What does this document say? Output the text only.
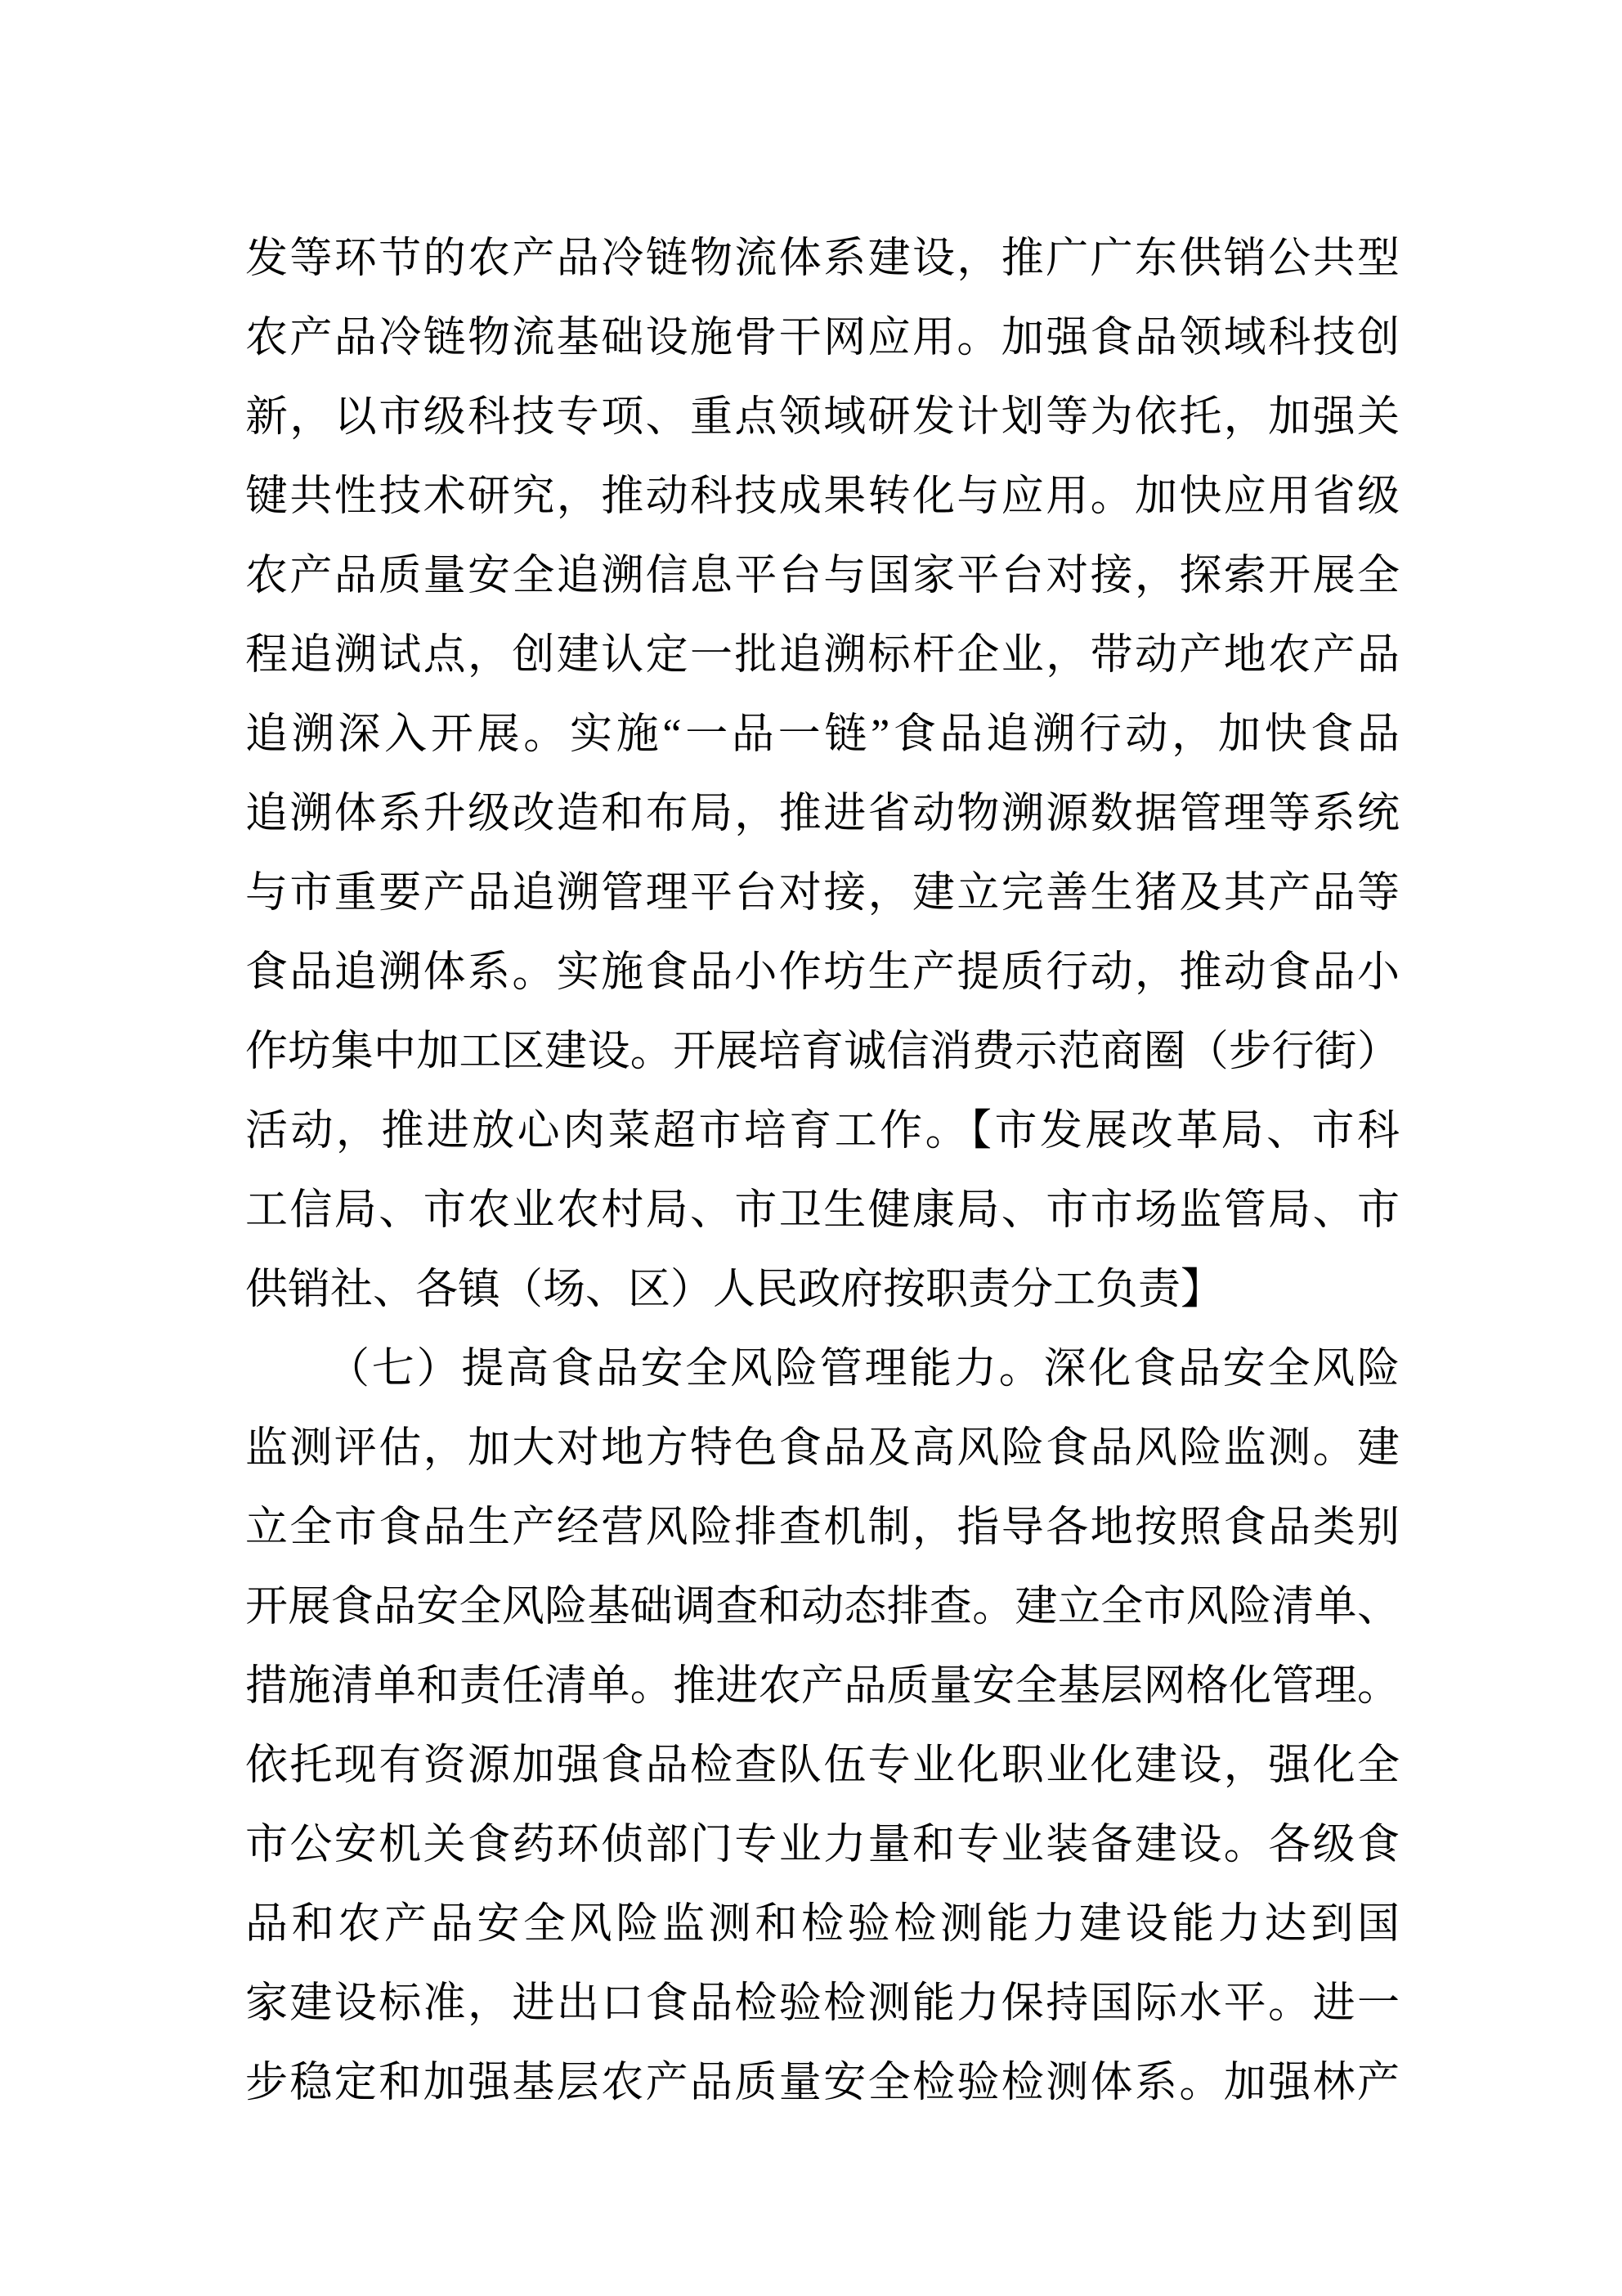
发等环节的农产品冷链物流体系建设，推广广东供销公共型
农产品冷链物流基础设施骨干网应用。加强食品领域科技创
新，以市级科技专项、重点领域研发计划等为依托，加强关
键共性技术研究，推动科技成果转化与应用。加快应用省级
农产品质量安全追溯信息平台与国家平台对接，探索开展全
程追溯试点，创建认定一批追溯标杆企业，带动产地农产品
追溯深入开展。实施“一品一链”食品追溯行动，加快食品
追溯体系升级改造和布局，推进省动物溯源数据管理等系统
与市重要产品追溯管理平台对接，建立完善生猪及其产品等
食品追溯体系。实施食品小作坊生产提质行动，推动食品小
作坊集中加工区建设。开展培育诚信消费示范商圈（步行街）
活动，推进放心肉菜超市培育工作。【市发展改革局、市科
工信局、市农业农村局、市卫生健康局、市市场监管局、市
供销社、各镇（场、区）人民政府按职责分工负责】
（七）提高食品安全风险管理能力。深化食品安全风险
监测评估，加大对地方特色食品及高风险食品风险监测。建
立全市食品生产经营风险排查机制，指导各地按照食品类别
开展食品安全风险基础调查和动态排查。建立全市风险清单、
措施清单和责任清单。推进农产品质量安全基层网格化管理。
依托现有资源加强食品检查队伍专业化职业化建设，强化全
市公安机关食药环侦部门专业力量和专业装备建设。各级食
品和农产品安全风险监测和检验检测能力建设能力达到国
家建设标准，进出口食品检验检测能力保持国际水平。进一
步稳定和加强基层农产品质量安全检验检测体系。加强林产
